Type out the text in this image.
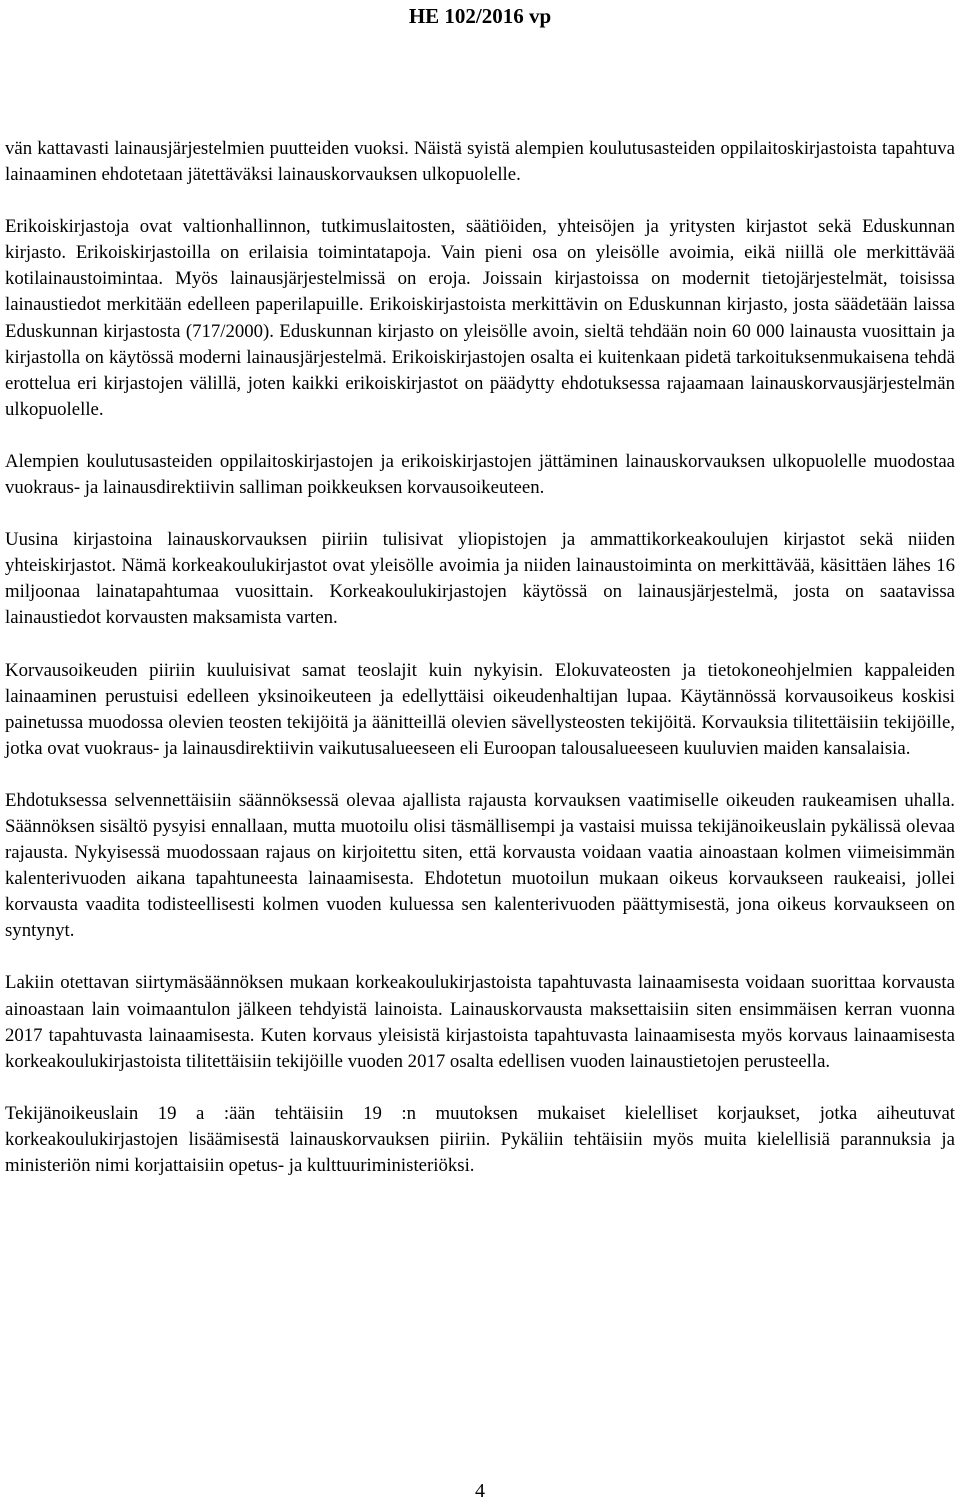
HE 102/2016 vp

vän kattavasti lainausjärjestelmien puutteiden vuoksi. Näistä syistä alempien koulutusasteiden oppilaitoskirjastoista tapahtuva lainaaminen ehdotetaan jätettäväksi lainauskorvauksen ulkopuolelle.

Erikoiskirjastoja ovat valtionhallinnon, tutkimuslaitosten, säätiöiden, yhteisöjen ja yritysten kirjastot sekä Eduskunnan kirjasto. Erikoiskirjastoilla on erilaisia toimintatapoja. Vain pieni osa on yleisölle avoimia, eikä niillä ole merkittävää kotilainaustoimintaa. Myös lainausjärjestelmissä on eroja. Joissain kirjastoissa on modernit tietojärjestelmät, toisissa lainaustiedot merkitään edelleen paperilapuille. Erikoiskirjastoista merkittävin on Eduskunnan kirjasto, josta säädetään laissa Eduskunnan kirjastosta (717/2000). Eduskunnan kirjasto on yleisölle avoin, sieltä tehdään noin 60 000 lainausta vuosittain ja kirjastolla on käytössä moderni lainausjärjestelmä. Erikoiskirjastojen osalta ei kuitenkaan pidetä tarkoituksenmukaisena tehdä erottelua eri kirjastojen välillä, joten kaikki erikoiskirjastot on päädytty ehdotuksessa rajaamaan lainauskorvausjärjestelmän ulkopuolelle.

Alempien koulutusasteiden oppilaitoskirjastojen ja erikoiskirjastojen jättäminen lainauskorvauksen ulkopuolelle muodostaa vuokraus- ja lainausdirektiivin salliman poikkeuksen korvausoikeuteen.

Uusina kirjastoina lainauskorvauksen piiriin tulisivat yliopistojen ja ammattikorkeakoulujen kirjastot sekä niiden yhteiskirjastot. Nämä korkeakoulukirjastot ovat yleisölle avoimia ja niiden lainaustoiminta on merkittävää, käsittäen lähes 16 miljoonaa lainatapahtumaa vuosittain. Korkeakoulukirjastojen käytössä on lainausjärjestelmä, josta on saatavissa lainaustiedot korvausten maksamista varten.

Korvausoikeuden piiriin kuuluisivat samat teoslajit kuin nykyisin. Elokuvateosten ja tietokoneohjelmien kappaleiden lainaaminen perustuisi edelleen yksinoikeuteen ja edellyttäisi oikeudenhaltijan lupaa. Käytännössä korvausoikeus koskisi painetussa muodossa olevien teosten tekijöitä ja äänitteillä olevien sävellysteosten tekijöitä. Korvauksia tilitettäisiin tekijöille, jotka ovat vuokraus- ja lainausdirektiivin vaikutusalueeseen eli Euroopan talousalueeseen kuuluvien maiden kansalaisia.

Ehdotuksessa selvennettäisiin säännöksessä olevaa ajallista rajausta korvauksen vaatimiselle oikeuden raukeamisen uhalla. Säännöksen sisältö pysyisi ennallaan, mutta muotoilu olisi täsmällisempi ja vastaisi muissa tekijänoikeuslain pykälissä olevaa rajausta. Nykyisessä muodossaan rajaus on kirjoitettu siten, että korvausta voidaan vaatia ainoastaan kolmen viimeisimmän kalenterivuoden aikana tapahtuneesta lainaamisesta. Ehdotetun muotoilun mukaan oikeus korvaukseen raukeaisi, jollei korvausta vaadita todisteellisesti kolmen vuoden kuluessa sen kalenterivuoden päättymisestä, jona oikeus korvaukseen on syntynyt.

Lakiin otettavan siirtymäsäännöksen mukaan korkeakoulukirjastoista tapahtuvasta lainaamisesta voidaan suorittaa korvausta ainoastaan lain voimaantulon jälkeen tehdyistä lainoista. Lainauskorvausta maksettaisiin siten ensimmäisen kerran vuonna 2017 tapahtuvasta lainaamisesta. Kuten korvaus yleisistä kirjastoista tapahtuvasta lainaamisesta myös korvaus lainaamisesta korkeakoulukirjastoista tilitettäisiin tekijöille vuoden 2017 osalta edellisen vuoden lainaustietojen perusteella.

Tekijänoikeuslain 19 a :ään tehtäisiin 19 :n muutoksen mukaiset kielelliset korjaukset, jotka aiheutuvat korkeakoulukirjastojen lisäämisestä lainauskorvauksen piiriin. Pykäliin tehtäisiin myös muita kielellisiä parannuksia ja ministeriön nimi korjattaisiin opetus- ja kulttuuriministeriöksi.

4
